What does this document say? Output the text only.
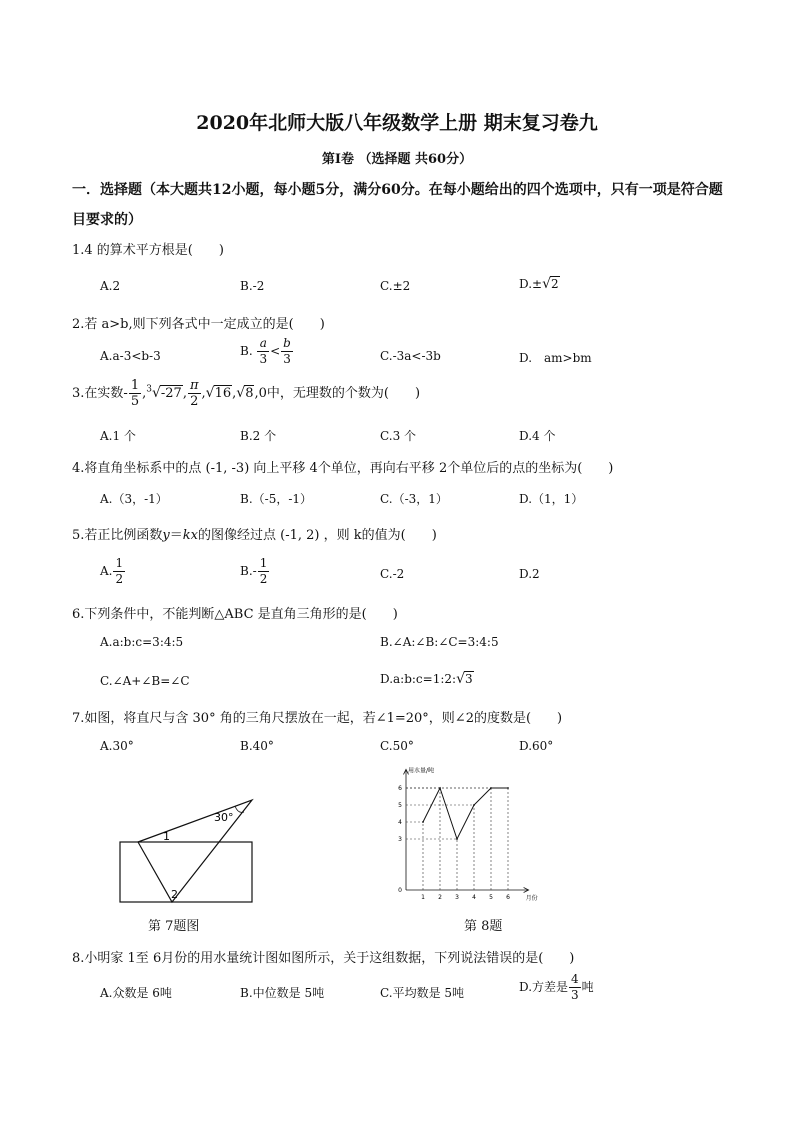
2020年北师大版八年级数学上册 期末复习卷九
第Ⅰ卷 （选择题 共60分）
一．选择题（本大题共12小题，每小题5分，满分60分。在每小题给出的四个选项中，只有一项是符合题目要求的）
1.4 的算术平方根是(　　)
A.2	B.-2	C.±2	D.±√2
2.若 a>b,则下列各式中一定成立的是(　　)
A.a-3<b-3	B. $\frac{a}{3} < \frac{b}{3}$	C.-3a<-3b	D.　am>bm
3.在实数- $\frac{1}{5} ,^3√-27$, $\frac{\pi}{2} ,√16,√8,0$中，无理数的个数为(　　)
A.1 个	B.2 个	C.3 个	D.4 个
4.将直角坐标系中的点 (-1, -3) 向上平移 4个单位，再向右平移 2个单位后的点的坐标为(　　)
A.（3，-1）	B.（-5，-1）	C.（-3，1）	D.（1，1）
5.若正比例函数y＝kx的图像经过点 (-1, 2) ，则 k的值为(　　)
A. $\frac{1}{2}$	$B.- \frac{1}{2}$	C.-2	D.2
6.下列条件中，不能判断△ABC 是直角三角形的是(　　)
A.a:b:c=3:4:5	B.∠A:∠B:∠C=3:4:5
C.∠A+∠B=∠C	D.a:b:c=1:2:√3
7.如图，将直尺与含 30° 角的三角尺摆放在一起，若∠1=20°，则∠2的度数是(　　)
A.30°	B.40°	C.50°	D.60°
30°
1
2
第 7题图
1 2 3 4 5 6
3
4
5
6
0
用水量/吨
月份
第 8题
8.小明家 1至 6月份的用水量统计图如图所示，关于这组数据，下列说法错误的是(　　)
A.众数是 6吨	B.中位数是 5吨	C.平均数是 5吨	D.方差是 $\frac{4}{3}$ 吨
